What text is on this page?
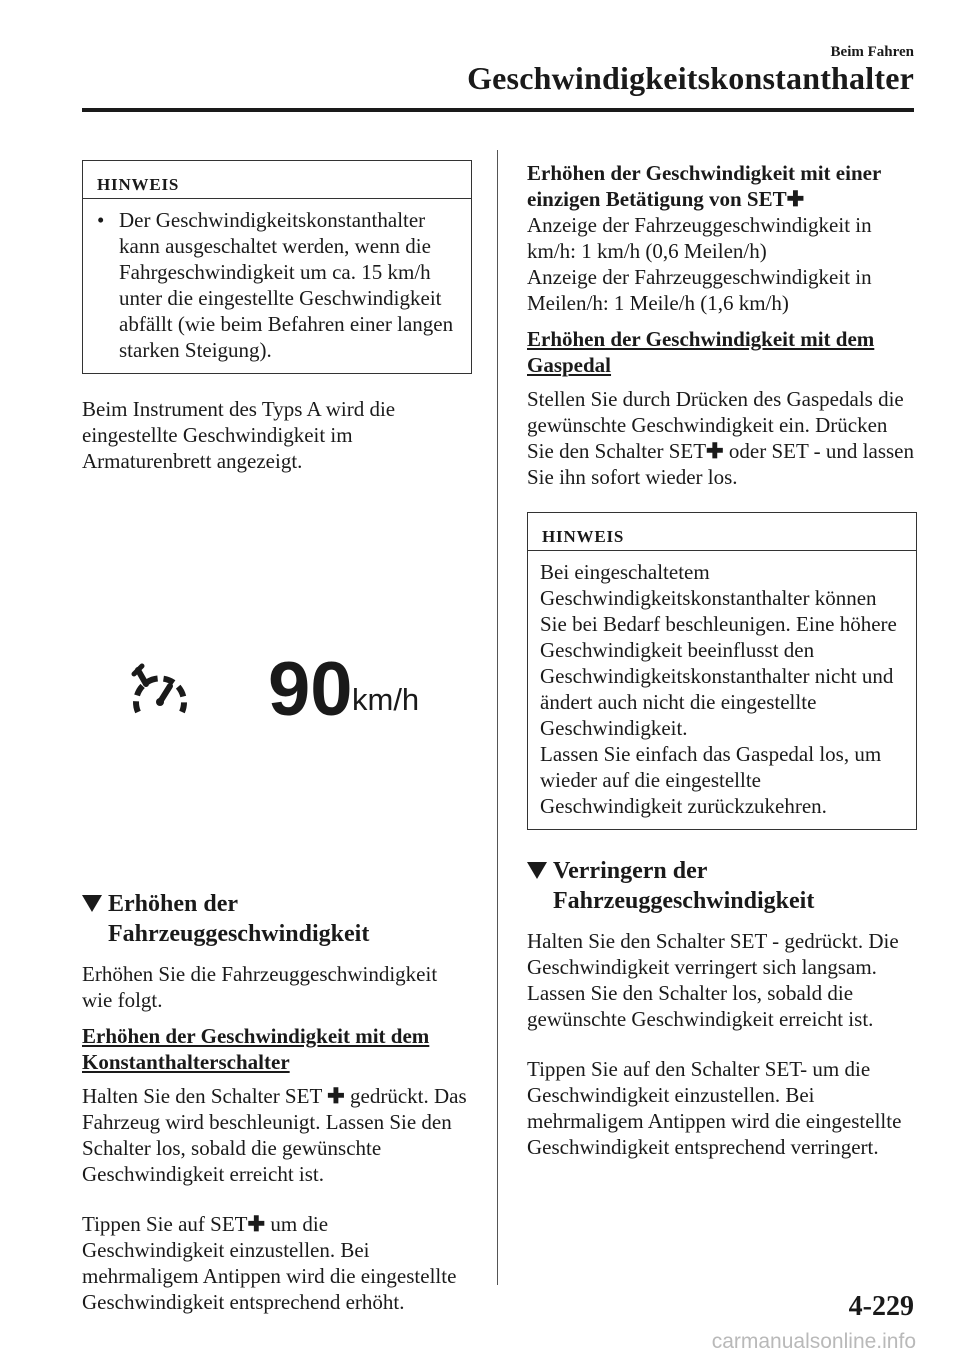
Beim Fahren
Geschwindigkeitskonstanthalter
HINWEIS
• Der Geschwindigkeitskonstanthalter kann ausgeschaltet werden, wenn die Fahrgeschwindigkeit um ca. 15 km/h unter die eingestellte Geschwindigkeit abfällt (wie beim Befahren einer langen starken Steigung).

Beim Instrument des Typs A wird die eingestellte Geschwindigkeit im Armaturenbrett angezeigt.

90 km/h
Erhöhen der Fahrzeuggeschwindigkeit

Erhöhen Sie die Fahrzeuggeschwindigkeit wie folgt.

Erhöhen der Geschwindigkeit mit dem Konstanthalterschalter

Halten Sie den Schalter SET ✚ gedrückt. Das Fahrzeug wird beschleunigt. Lassen Sie den Schalter los, sobald die gewünschte Geschwindigkeit erreicht ist.

Tippen Sie auf SET✚ um die Geschwindigkeit einzustellen. Bei mehrmaligem Antippen wird die eingestellte Geschwindigkeit entsprechend erhöht.

Erhöhen der Geschwindigkeit mit einer einzigen Betätigung von SET✚

Anzeige der Fahrzeuggeschwindigkeit in km/h: 1 km/h (0,6 Meilen/h)

Anzeige der Fahrzeuggeschwindigkeit in Meilen/h: 1 Meile/h (1,6 km/h)

Erhöhen der Geschwindigkeit mit dem Gaspedal

Stellen Sie durch Drücken des Gaspedals die gewünschte Geschwindigkeit ein. Drücken Sie den Schalter SET✚ oder SET - und lassen Sie ihn sofort wieder los.

HINWEIS

Bei eingeschaltetem Geschwindigkeitskonstanthalter können Sie bei Bedarf beschleunigen. Eine höhere Geschwindigkeit beeinflusst den Geschwindigkeitskonstanthalter nicht und ändert auch nicht die eingestellte Geschwindigkeit.

Lassen Sie einfach das Gaspedal los, um wieder auf die eingestellte Geschwindigkeit zurückzukehren.

Verringern der Fahrzeuggeschwindigkeit

Halten Sie den Schalter SET - gedrückt. Die Geschwindigkeit verringert sich langsam. Lassen Sie den Schalter los, sobald die gewünschte Geschwindigkeit erreicht ist.

Tippen Sie auf den Schalter SET- um die Geschwindigkeit einzustellen. Bei mehrmaligem Antippen wird die eingestellte Geschwindigkeit entsprechend verringert.

4-229
carmanualsonline.info
